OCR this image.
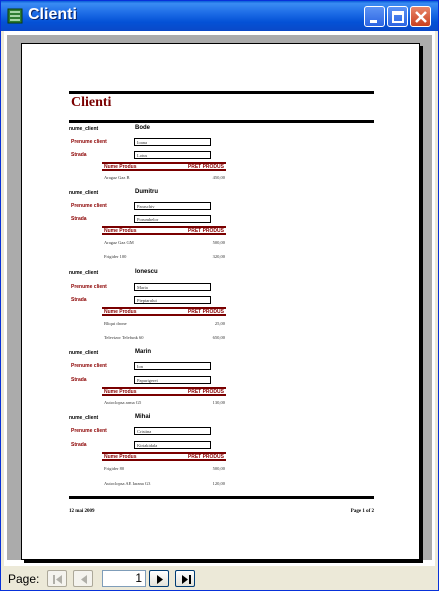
Clienti
Clienti
nume_client	Bode
Prenume client	Ioana
Strada	Lotus
Nume Produs	PRET PRODUS
Aragaz Gaz B	450,00
nume_client	Dumitru
Prenume client	Paraschiv
Strada	Porumbelor
Nume Produs	PRET PRODUS
Aragaz Gaz GM	500,00
Frigider 100	320,00
nume_client	Ionescu
Prenume client	Maria
Strada	Pieptarului
Nume Produs	PRET PRODUS
Bliqui drone	25,00
Televizor Telefunk 60	650,00
nume_client	Marin
Prenume client	Ion
Strada	Papurigerei
Nume Produs	PRET PRODUS
Autoclopsa arma G5	130,00
nume_client	Mihai
Prenume client	Cristina
Strada	Kiriakidala
Nume Produs	PRET PRODUS
Frigider 80	500,00
Autoclopsa AE Iarana G3	120,00
12 mai 2009	Page 1 of 2
Page:	1
